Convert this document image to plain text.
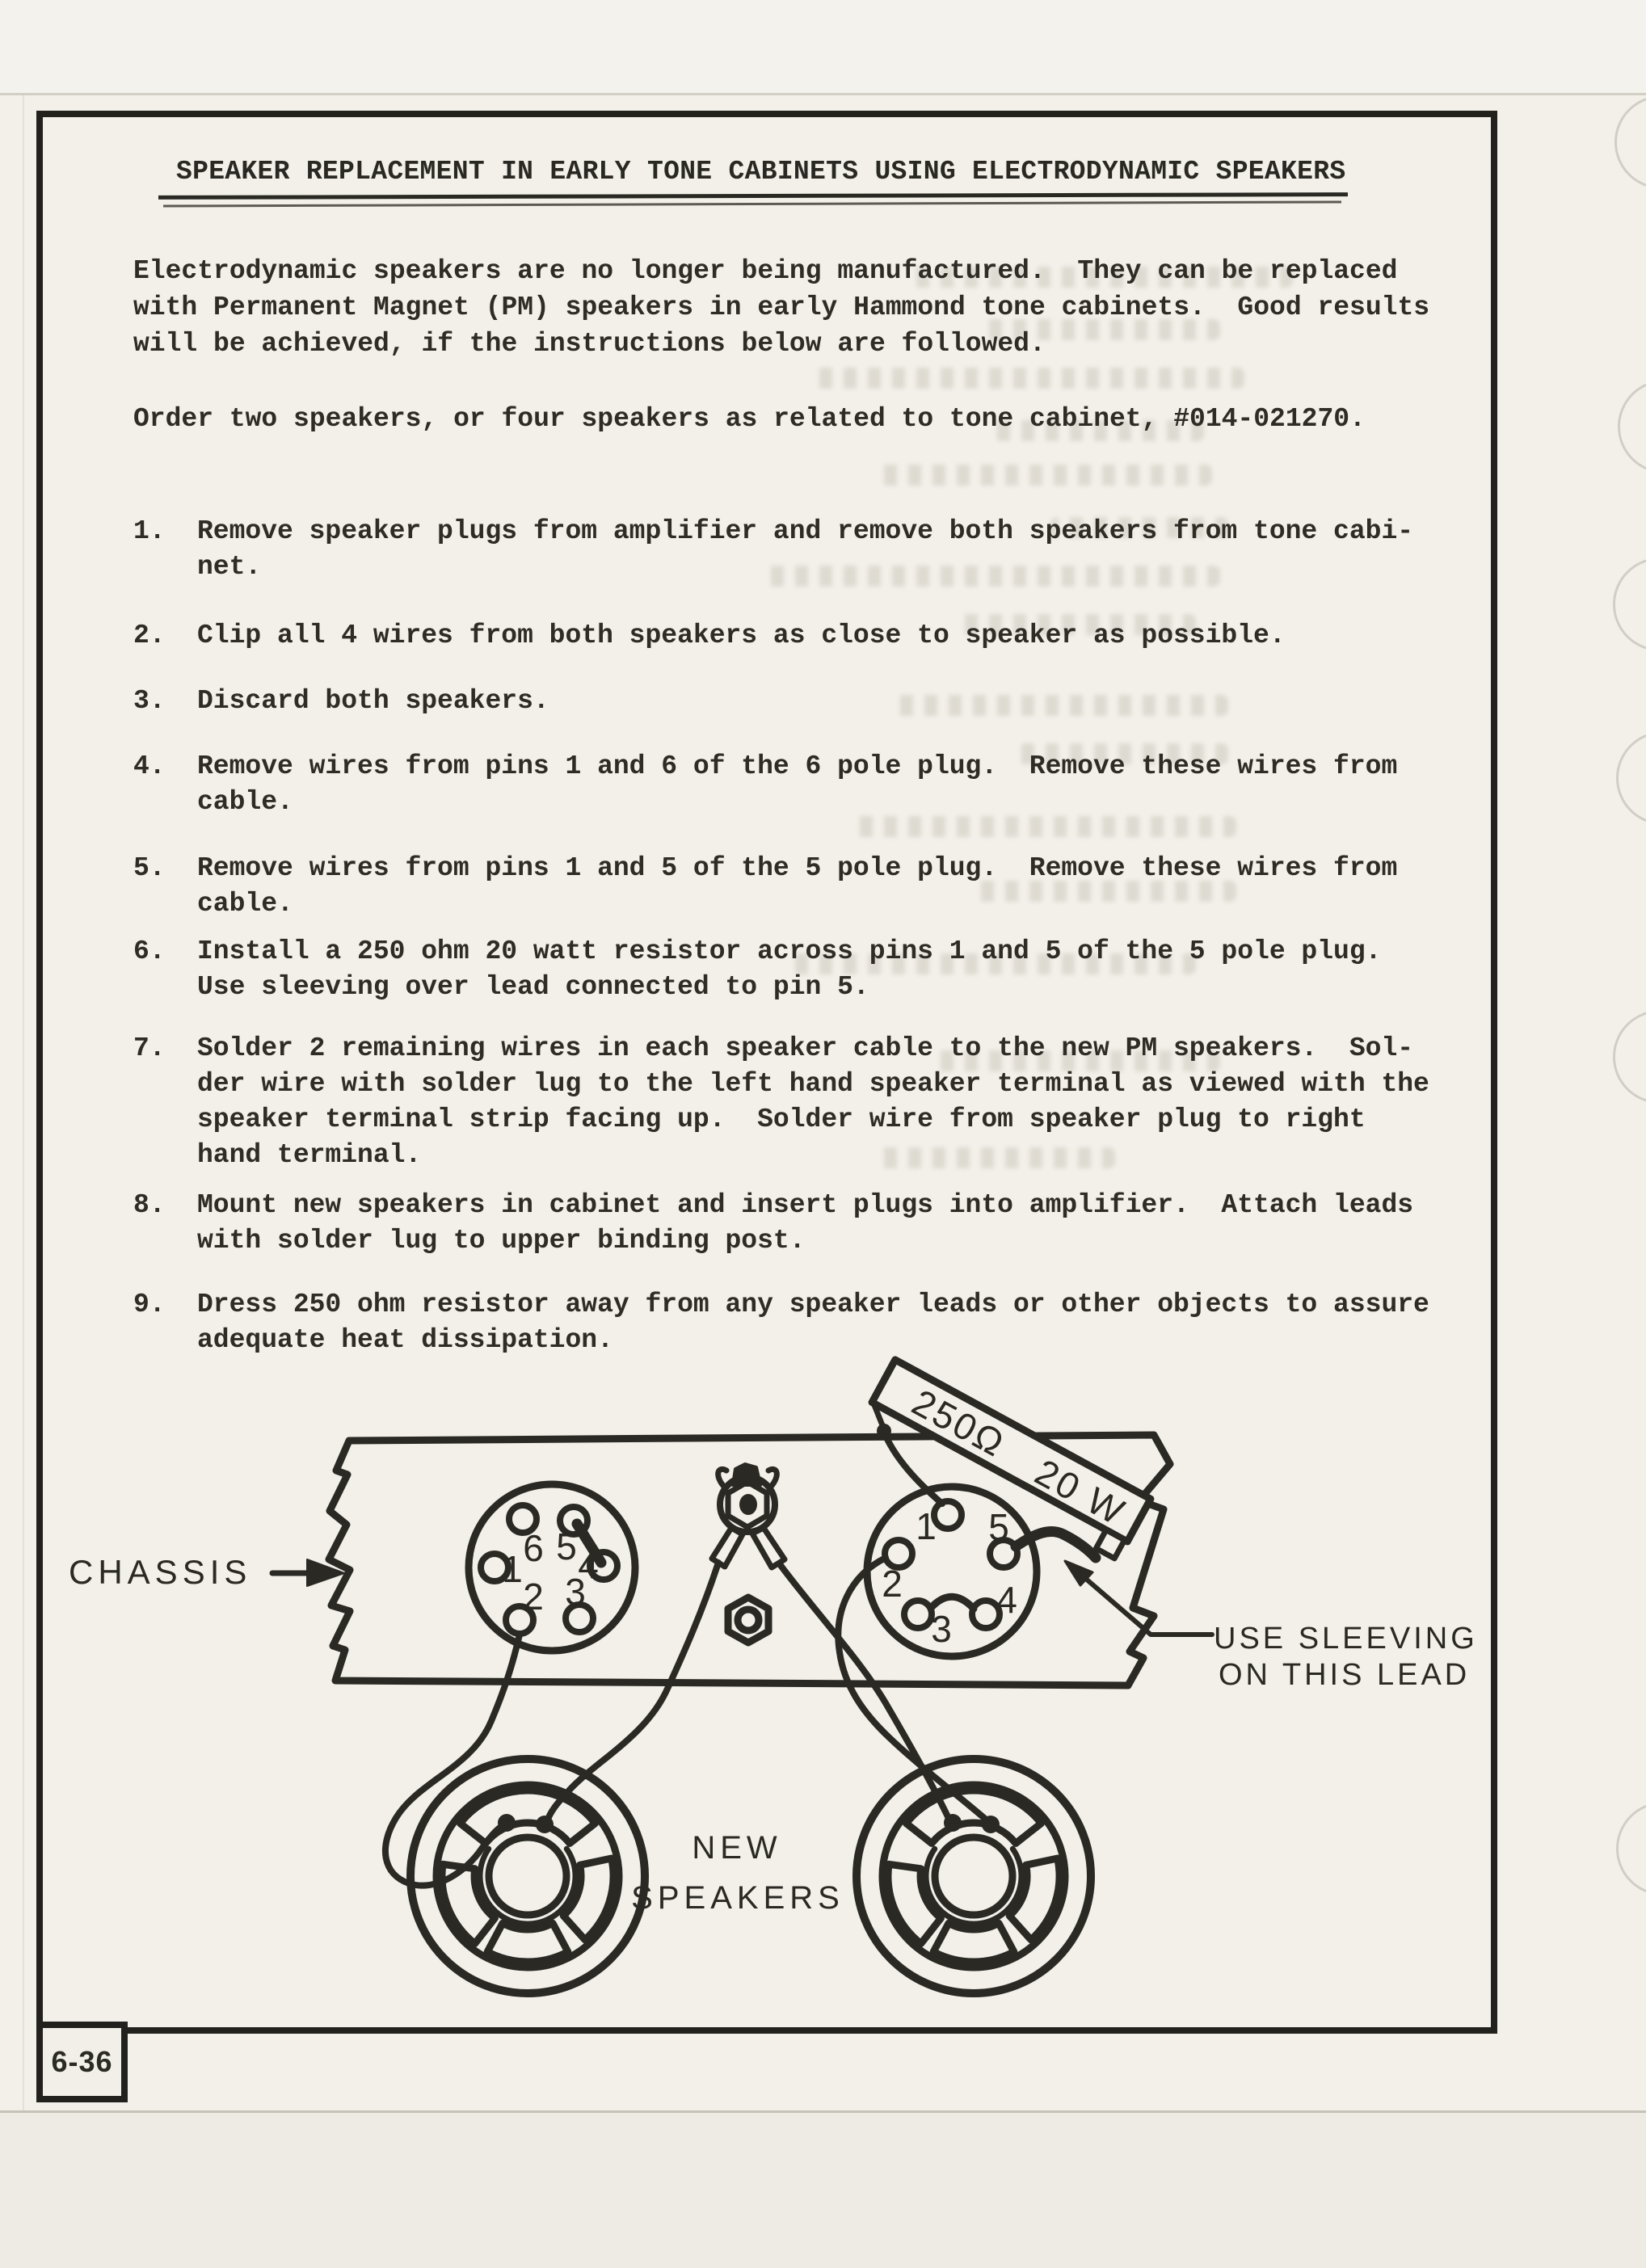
SPEAKER REPLACEMENT IN EARLY TONE CABINETS USING ELECTRODYNAMIC SPEAKERS
Electrodynamic speakers are no longer being manufactured.  They can be replaced
with Permanent Magnet (PM) speakers in early Hammond tone cabinets.  Good results
will be achieved, if the instructions below are followed.
Order two speakers, or four speakers as related to tone cabinet, #014-021270.
1. Remove speaker plugs from amplifier and remove both speakers from tone cabi-
net.
2. Clip all 4 wires from both speakers as close to speaker as possible.
3. Discard both speakers.
4. Remove wires from pins 1 and 6 of the 6 pole plug.  Remove these wires from
cable.
5. Remove wires from pins 1 and 5 of the 5 pole plug.  Remove these wires from
cable.
6. Install a 250 ohm 20 watt resistor across pins 1 and 5 of the 5 pole plug.
Use sleeving over lead connected to pin 5.
7. Solder 2 remaining wires in each speaker cable to the new PM speakers.  Sol-
der wire with solder lug to the left hand speaker terminal as viewed with the
speaker terminal strip facing up.  Solder wire from speaker plug to right
hand terminal.
8. Mount new speakers in cabinet and insert plugs into amplifier.  Attach leads
with solder lug to upper binding post.
9. Dress 250 ohm resistor away from any speaker leads or other objects to assure
adequate heat dissipation.
CHASSIS
250Ω
20 W
1
2 3
4
5
6
1
2
3
4
5
USE SLEEVING
ON THIS LEAD
NEW
SPEAKERS
6-36
